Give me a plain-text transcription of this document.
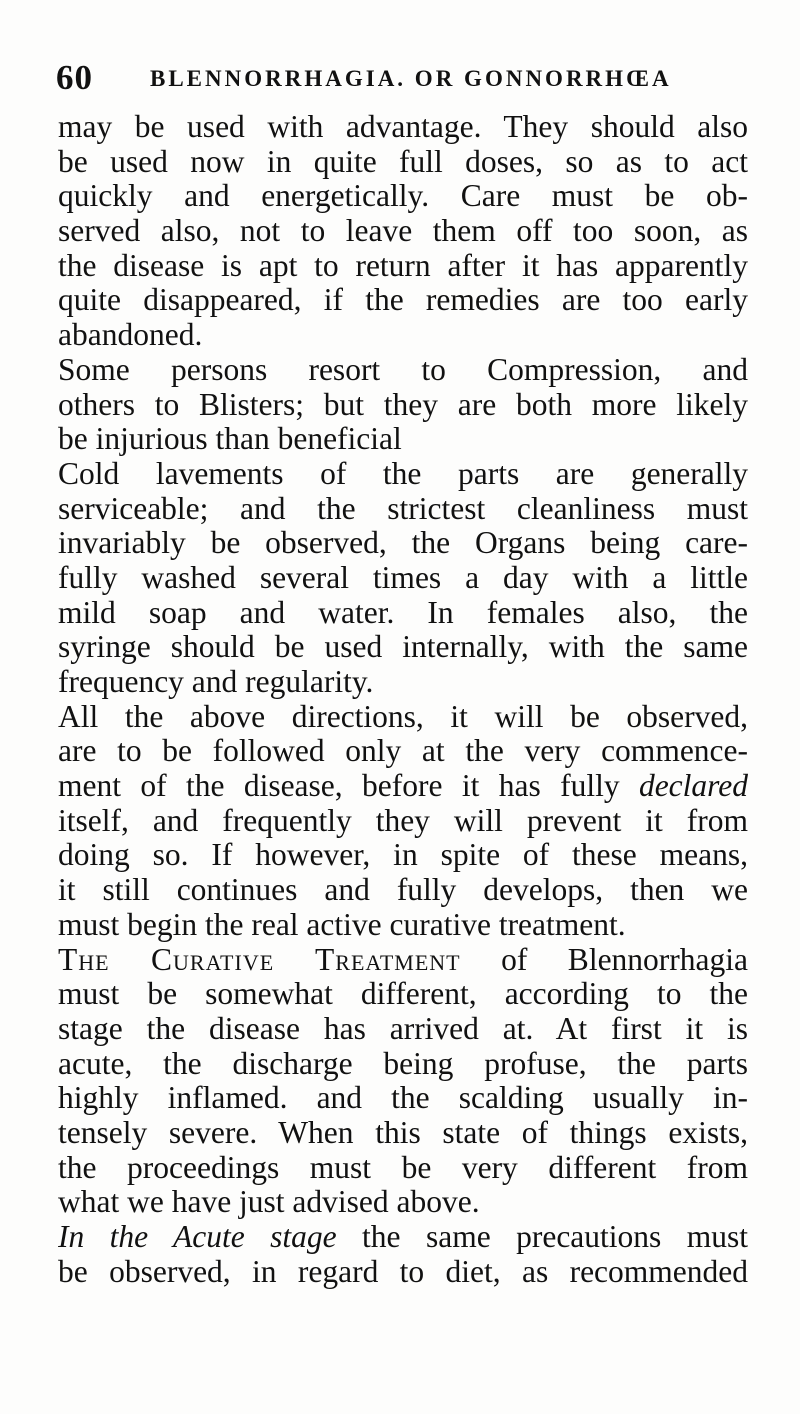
60 BLENNORRHAGIA. OR GONNORRHŒA
may be used with advantage. They should also
be used now in quite full doses, so as to act
quickly and energetically. Care must be ob-
served also, not to leave them off too soon, as
the disease is apt to return after it has apparently
quite disappeared, if the remedies are too early
abandoned.
Some persons resort to Compression, and
others to Blisters; but they are both more likely
be injurious than beneficial
Cold lavements of the parts are generally
serviceable; and the strictest cleanliness must
invariably be observed, the Organs being care-
fully washed several times a day with a little
mild soap and water. In females also, the
syringe should be used internally, with the same
frequency and regularity.
All the above directions, it will be observed,
are to be followed only at the very commence-
ment of the disease, before it has fully declared
itself, and frequently they will prevent it from
doing so. If however, in spite of these means,
it still continues and fully develops, then we
must begin the real active curative treatment.
The Curative Treatment of Blennorrhagia
must be somewhat different, according to the
stage the disease has arrived at. At first it is
acute, the discharge being profuse, the parts
highly inflamed. and the scalding usually in-
tensely severe. When this state of things exists,
the proceedings must be very different from
what we have just advised above.
In the Acute stage the same precautions must
be observed, in regard to diet, as recommended
